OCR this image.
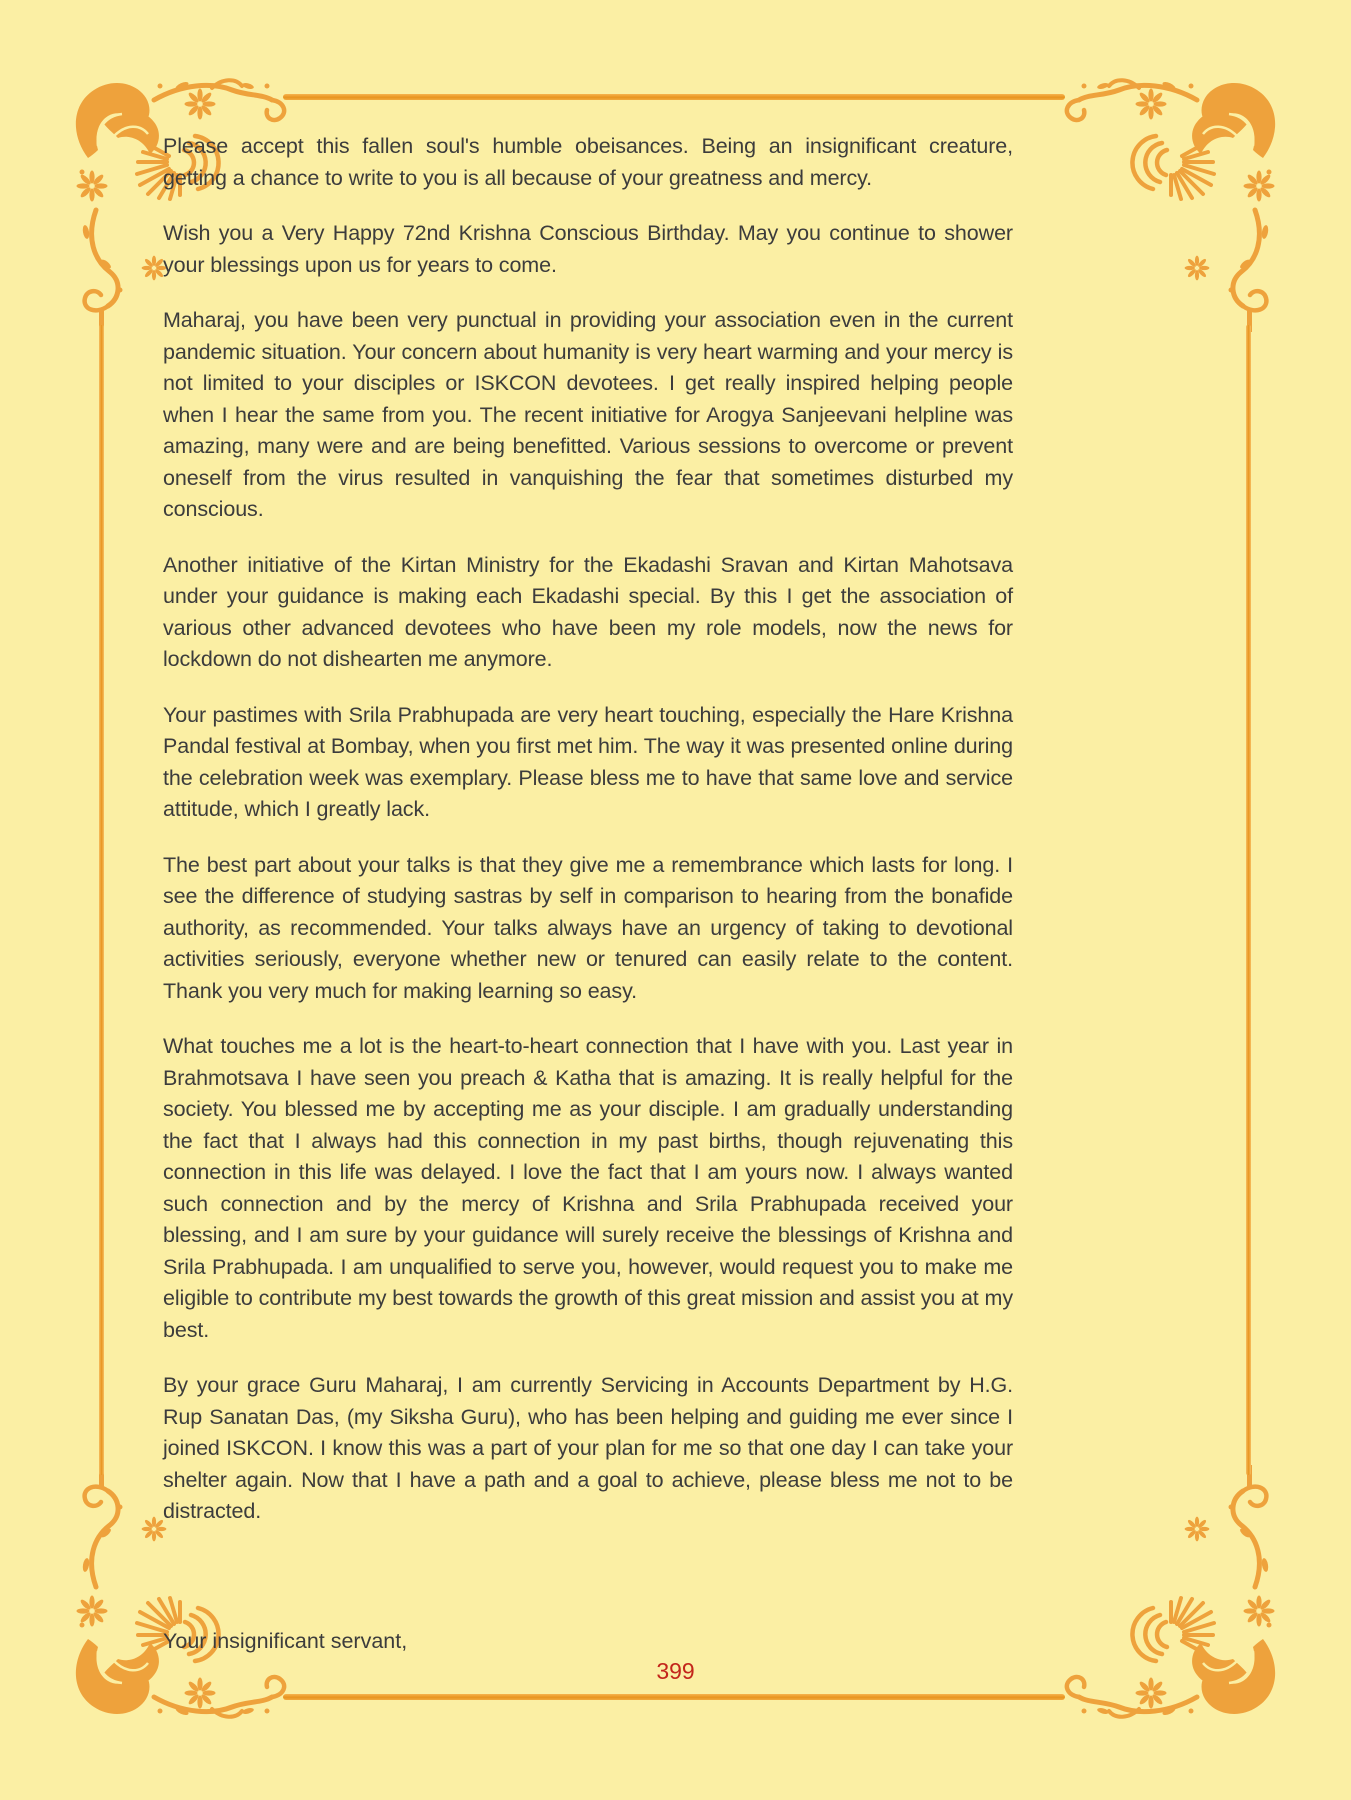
Please accept this fallen soul's humble obeisances. Being an insignificant creature, getting a chance to write to you is all because of your greatness and mercy.

Wish you a Very Happy 72nd Krishna Conscious Birthday. May you continue to shower your blessings upon us for years to come.

Maharaj, you have been very punctual in providing your association even in the current pandemic situation. Your concern about humanity is very heart warming and your mercy is not limited to your disciples or ISKCON devotees. I get really inspired helping people when I hear the same from you. The recent initiative for Arogya Sanjeevani helpline was amazing, many were and are being benefitted. Various sessions to overcome or prevent oneself from the virus resulted in vanquishing the fear that sometimes disturbed my conscious.

Another initiative of the Kirtan Ministry for the Ekadashi Sravan and Kirtan Mahotsava under your guidance is making each Ekadashi special. By this I get the association of various other advanced devotees who have been my role models, now the news for lockdown do not dishearten me anymore.

Your pastimes with Srila Prabhupada are very heart touching, especially the Hare Krishna Pandal festival at Bombay, when you first met him. The way it was presented online during the celebration week was exemplary. Please bless me to have that same love and service attitude, which I greatly lack.

The best part about your talks is that they give me a remembrance which lasts for long. I see the difference of studying sastras by self in comparison to hearing from the bonafide authority, as recommended. Your talks always have an urgency of taking to devotional activities seriously, everyone whether new or tenured can easily relate to the content. Thank you very much for making learning so easy.

What touches me a lot is the heart-to-heart connection that I have with you. Last year in Brahmotsava I have seen you preach & Katha that is amazing. It is really helpful for the society. You blessed me by accepting me as your disciple. I am gradually understanding the fact that I always had this connection in my past births, though rejuvenating this connection in this life was delayed. I love the fact that I am yours now. I always wanted such connection and by the mercy of Krishna and Srila Prabhupada received your blessing, and I am sure by your guidance will surely receive the blessings of Krishna and Srila Prabhupada. I am unqualified to serve you, however, would request you to make me eligible to contribute my best towards the growth of this great mission and assist you at my best.

By your grace Guru Maharaj, I am currently Servicing in Accounts Department by H.G. Rup Sanatan Das, (my Siksha Guru), who has been helping and guiding me ever since I joined ISKCON. I know this was a part of your plan for me so that one day I can take your shelter again. Now that I have a path and a goal to achieve, please bless me not to be distracted.

Your insignificant servant,
399
